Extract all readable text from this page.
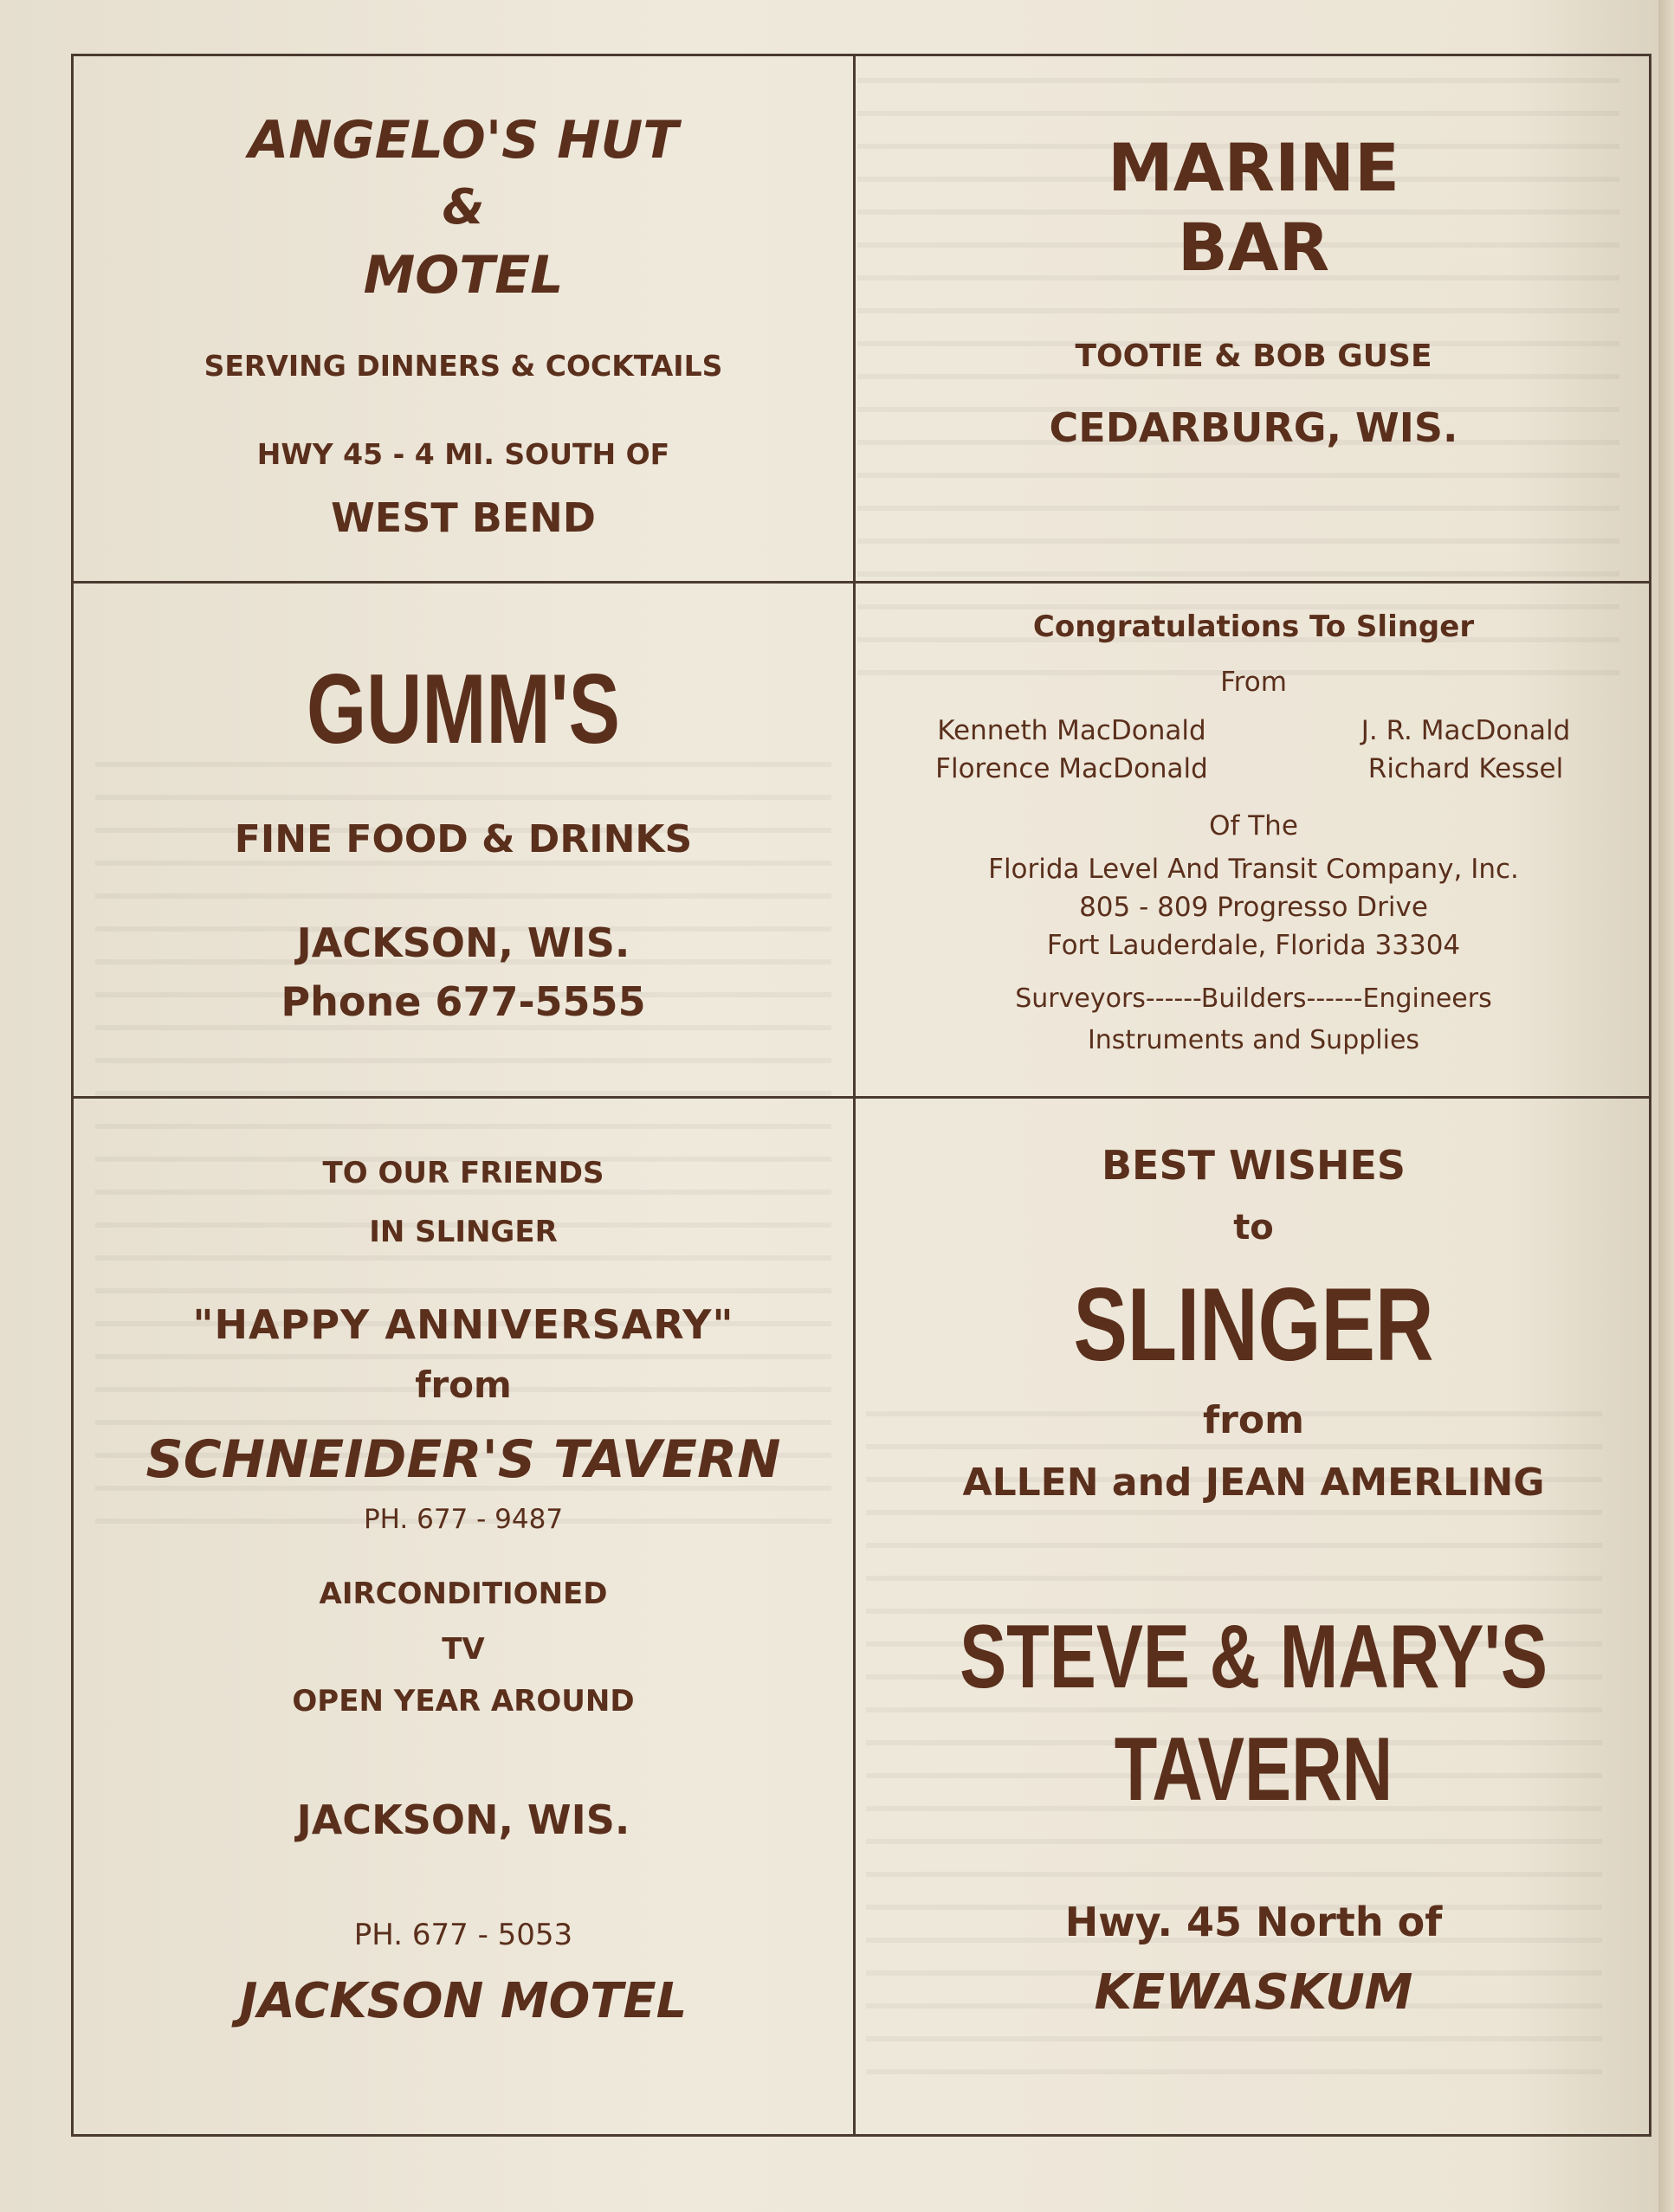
ANGELO'S HUT
&
MOTEL
SERVING DINNERS & COCKTAILS
HWY 45 - 4 MI. SOUTH OF
WEST BEND
MARINE
BAR
TOOTIE & BOB GUSE
CEDARBURG, WIS.
GUMM'S
FINE FOOD & DRINKS
JACKSON, WIS.
Phone 677-5555
Congratulations To Slinger
From
Kenneth MacDonald	J. R. MacDonald
Florence MacDonald	Richard Kessel
Of The
Florida Level And Transit Company, Inc.
805 - 809 Progresso Drive
Fort Lauderdale, Florida 33304
Surveyors------Builders------Engineers
Instruments and Supplies
TO OUR FRIENDS
IN SLINGER
"HAPPY ANNIVERSARY"
from
SCHNEIDER'S TAVERN
PH. 677 - 9487
AIRCONDITIONED
TV
OPEN YEAR AROUND
JACKSON, WIS.
PH. 677 - 5053
JACKSON MOTEL
BEST WISHES
to
SLINGER
from
ALLEN and JEAN AMERLING
STEVE & MARY'S
TAVERN
Hwy. 45 North of
KEWASKUM
